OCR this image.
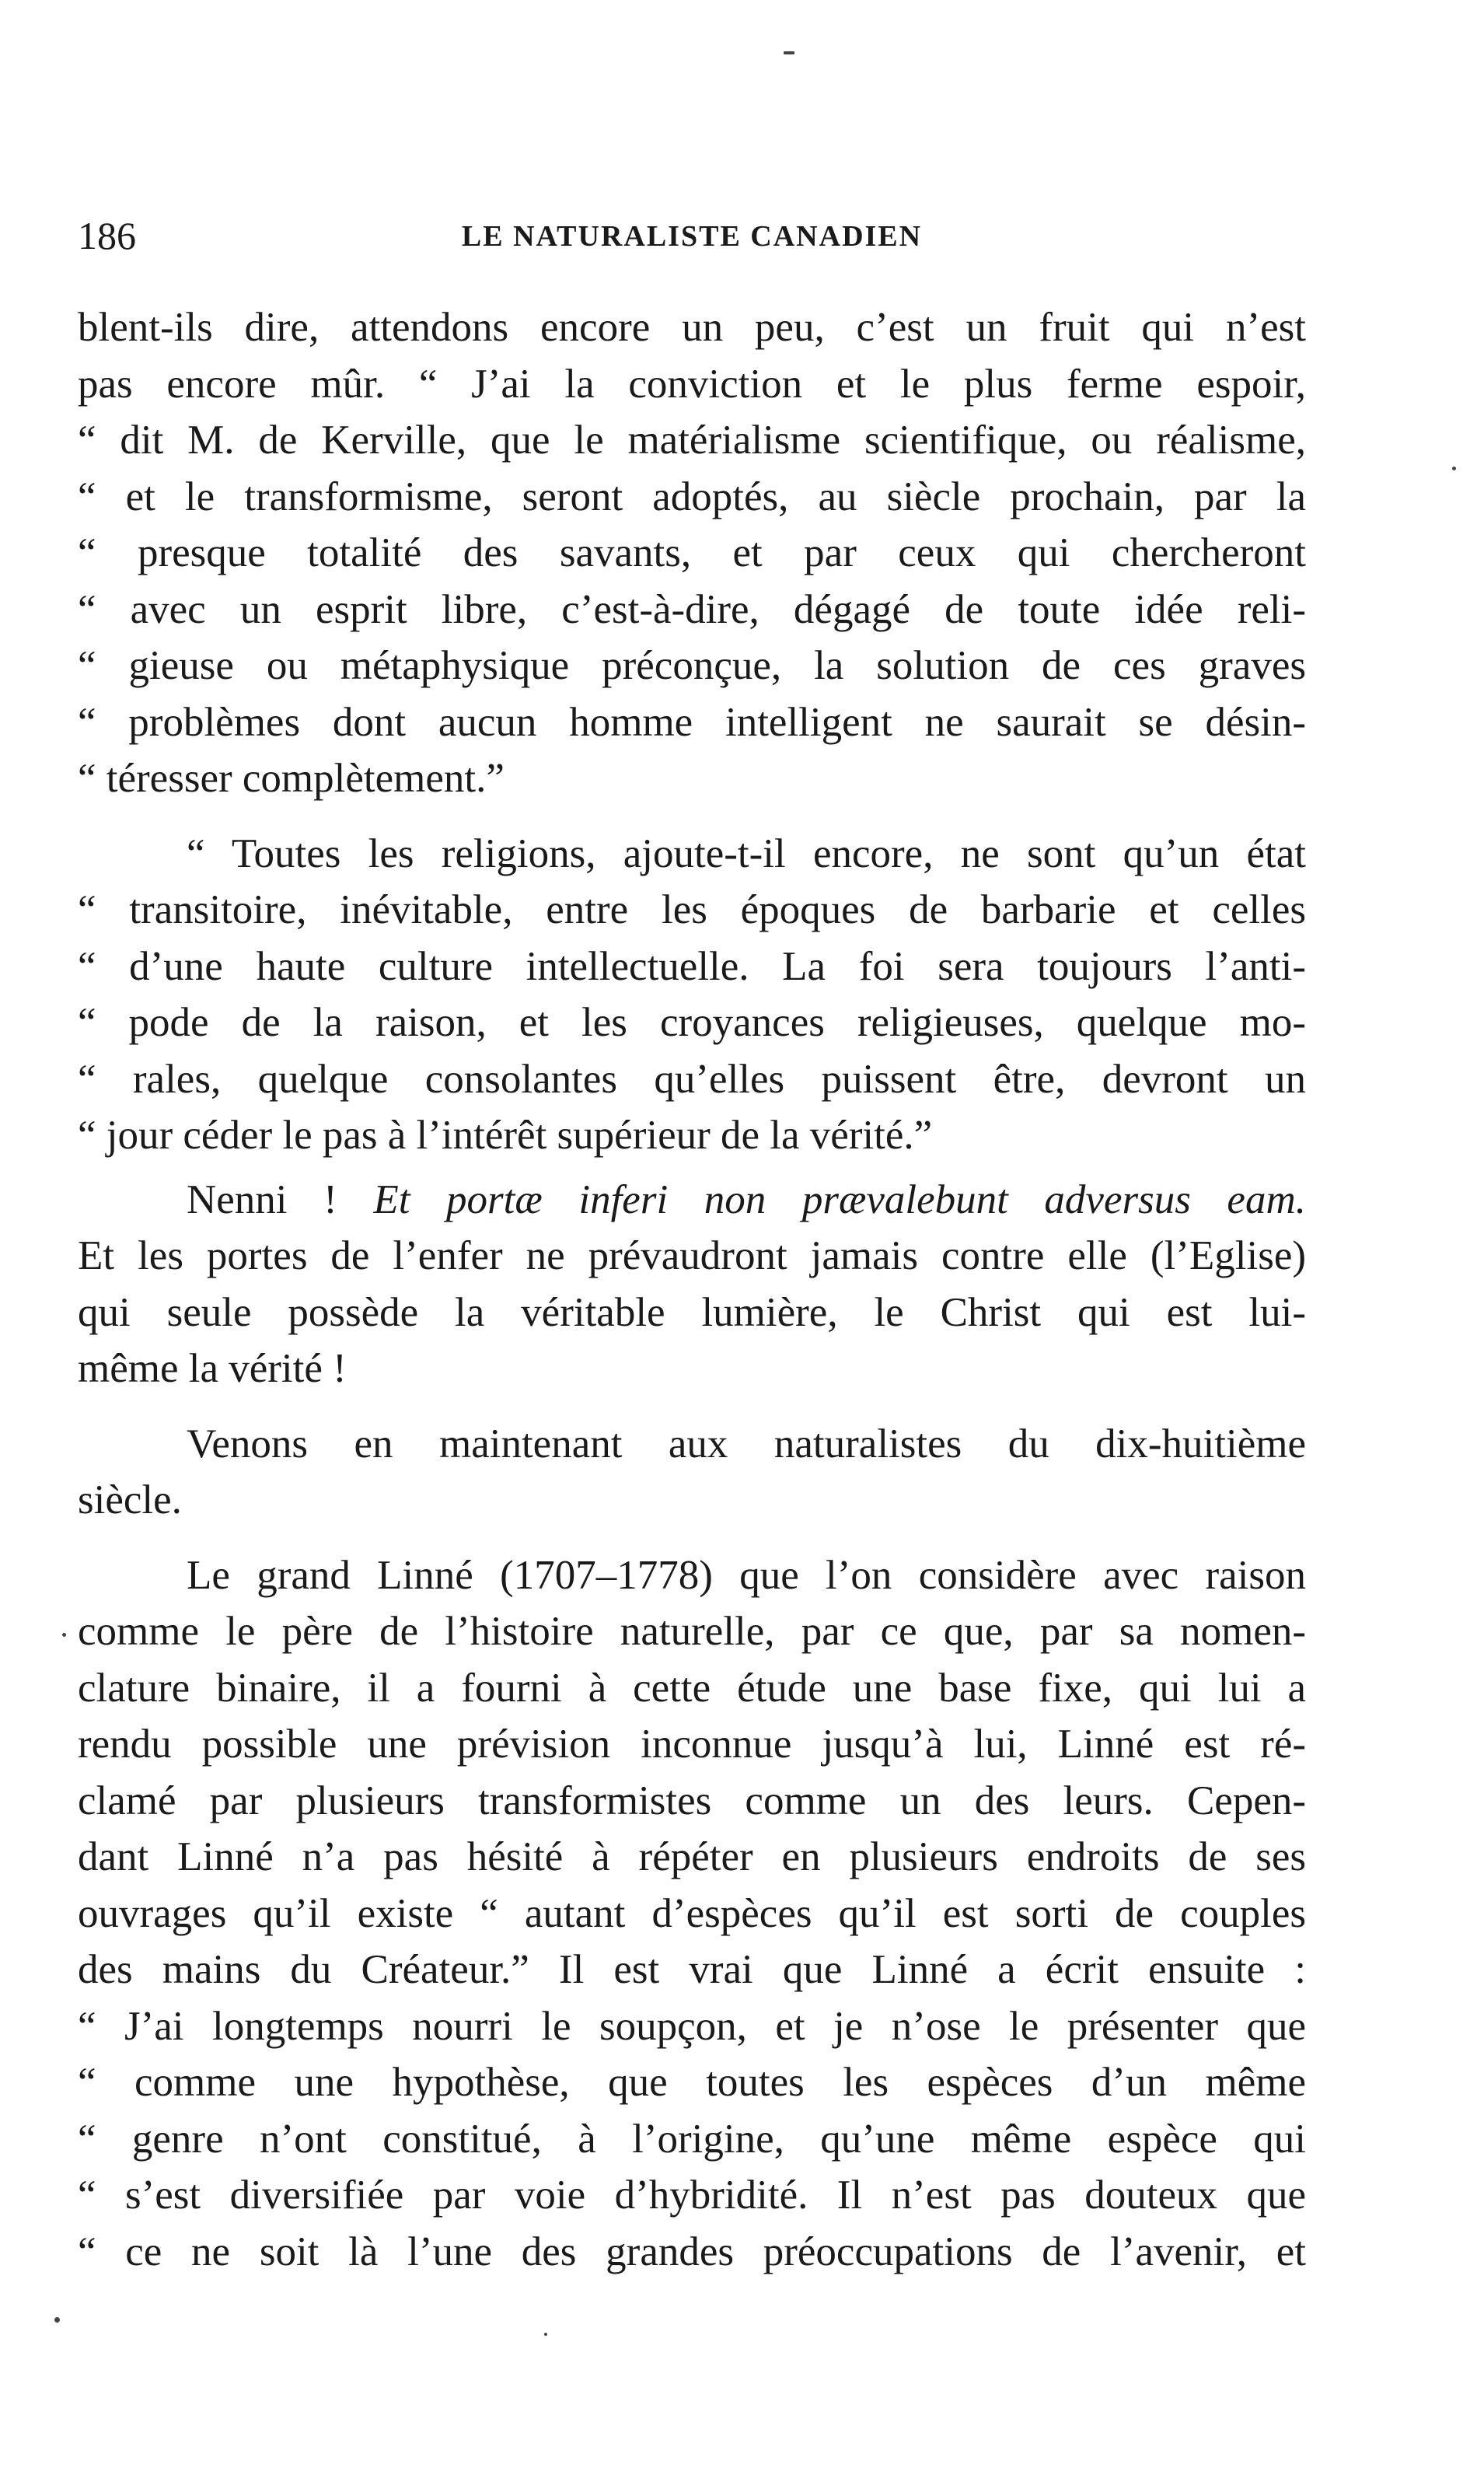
186	LE NATURALISTE CANADIEN
blent-ils dire, attendons encore un peu, c’est un fruit qui n’est
pas encore mûr. “ J’ai la conviction et le plus ferme espoir,
“ dit M. de Kerville, que le matérialisme scientifique, ou réalisme,
“ et le transformisme, seront adoptés, au siècle prochain, par la
“ presque totalité des savants, et par ceux qui chercheront
“ avec un esprit libre, c’est-à-dire, dégagé de toute idée reli-
“ gieuse ou métaphysique préconçue, la solution de ces graves
“ problèmes dont aucun homme intelligent ne saurait se désin-
“ téresser complètement.”
“ Toutes les religions, ajoute-t-il encore, ne sont qu’un état
“ transitoire, inévitable, entre les époques de barbarie et celles
“ d’une haute culture intellectuelle. La foi sera toujours l’anti-
“ pode de la raison, et les croyances religieuses, quelque mo-
“ rales, quelque consolantes qu’elles puissent être, devront un
“ jour céder le pas à l’intérêt supérieur de la vérité.”
Nenni ! Et portæ inferi non prævalebunt adversus eam.
Et les portes de l’enfer ne prévaudront jamais contre elle (l’Eglise)
qui seule possède la véritable lumière, le Christ qui est lui-
même la vérité !
Venons en maintenant aux naturalistes du dix-huitième
siècle.
Le grand Linné (1707–1778) que l’on considère avec raison
comme le père de l’histoire naturelle, par ce que, par sa nomen-
clature binaire, il a fourni à cette étude une base fixe, qui lui a
rendu possible une prévision inconnue jusqu’à lui, Linné est ré-
clamé par plusieurs transformistes comme un des leurs. Cepen-
dant Linné n’a pas hésité à répéter en plusieurs endroits de ses
ouvrages qu’il existe “ autant d’espèces qu’il est sorti de couples
des mains du Créateur.” Il est vrai que Linné a écrit ensuite :
“ J’ai longtemps nourri le soupçon, et je n’ose le présenter que
“ comme une hypothèse, que toutes les espèces d’un même
“ genre n’ont constitué, à l’origine, qu’une même espèce qui
“ s’est diversifiée par voie d’hybridité. Il n’est pas douteux que
“ ce ne soit là l’une des grandes préoccupations de l’avenir, et
